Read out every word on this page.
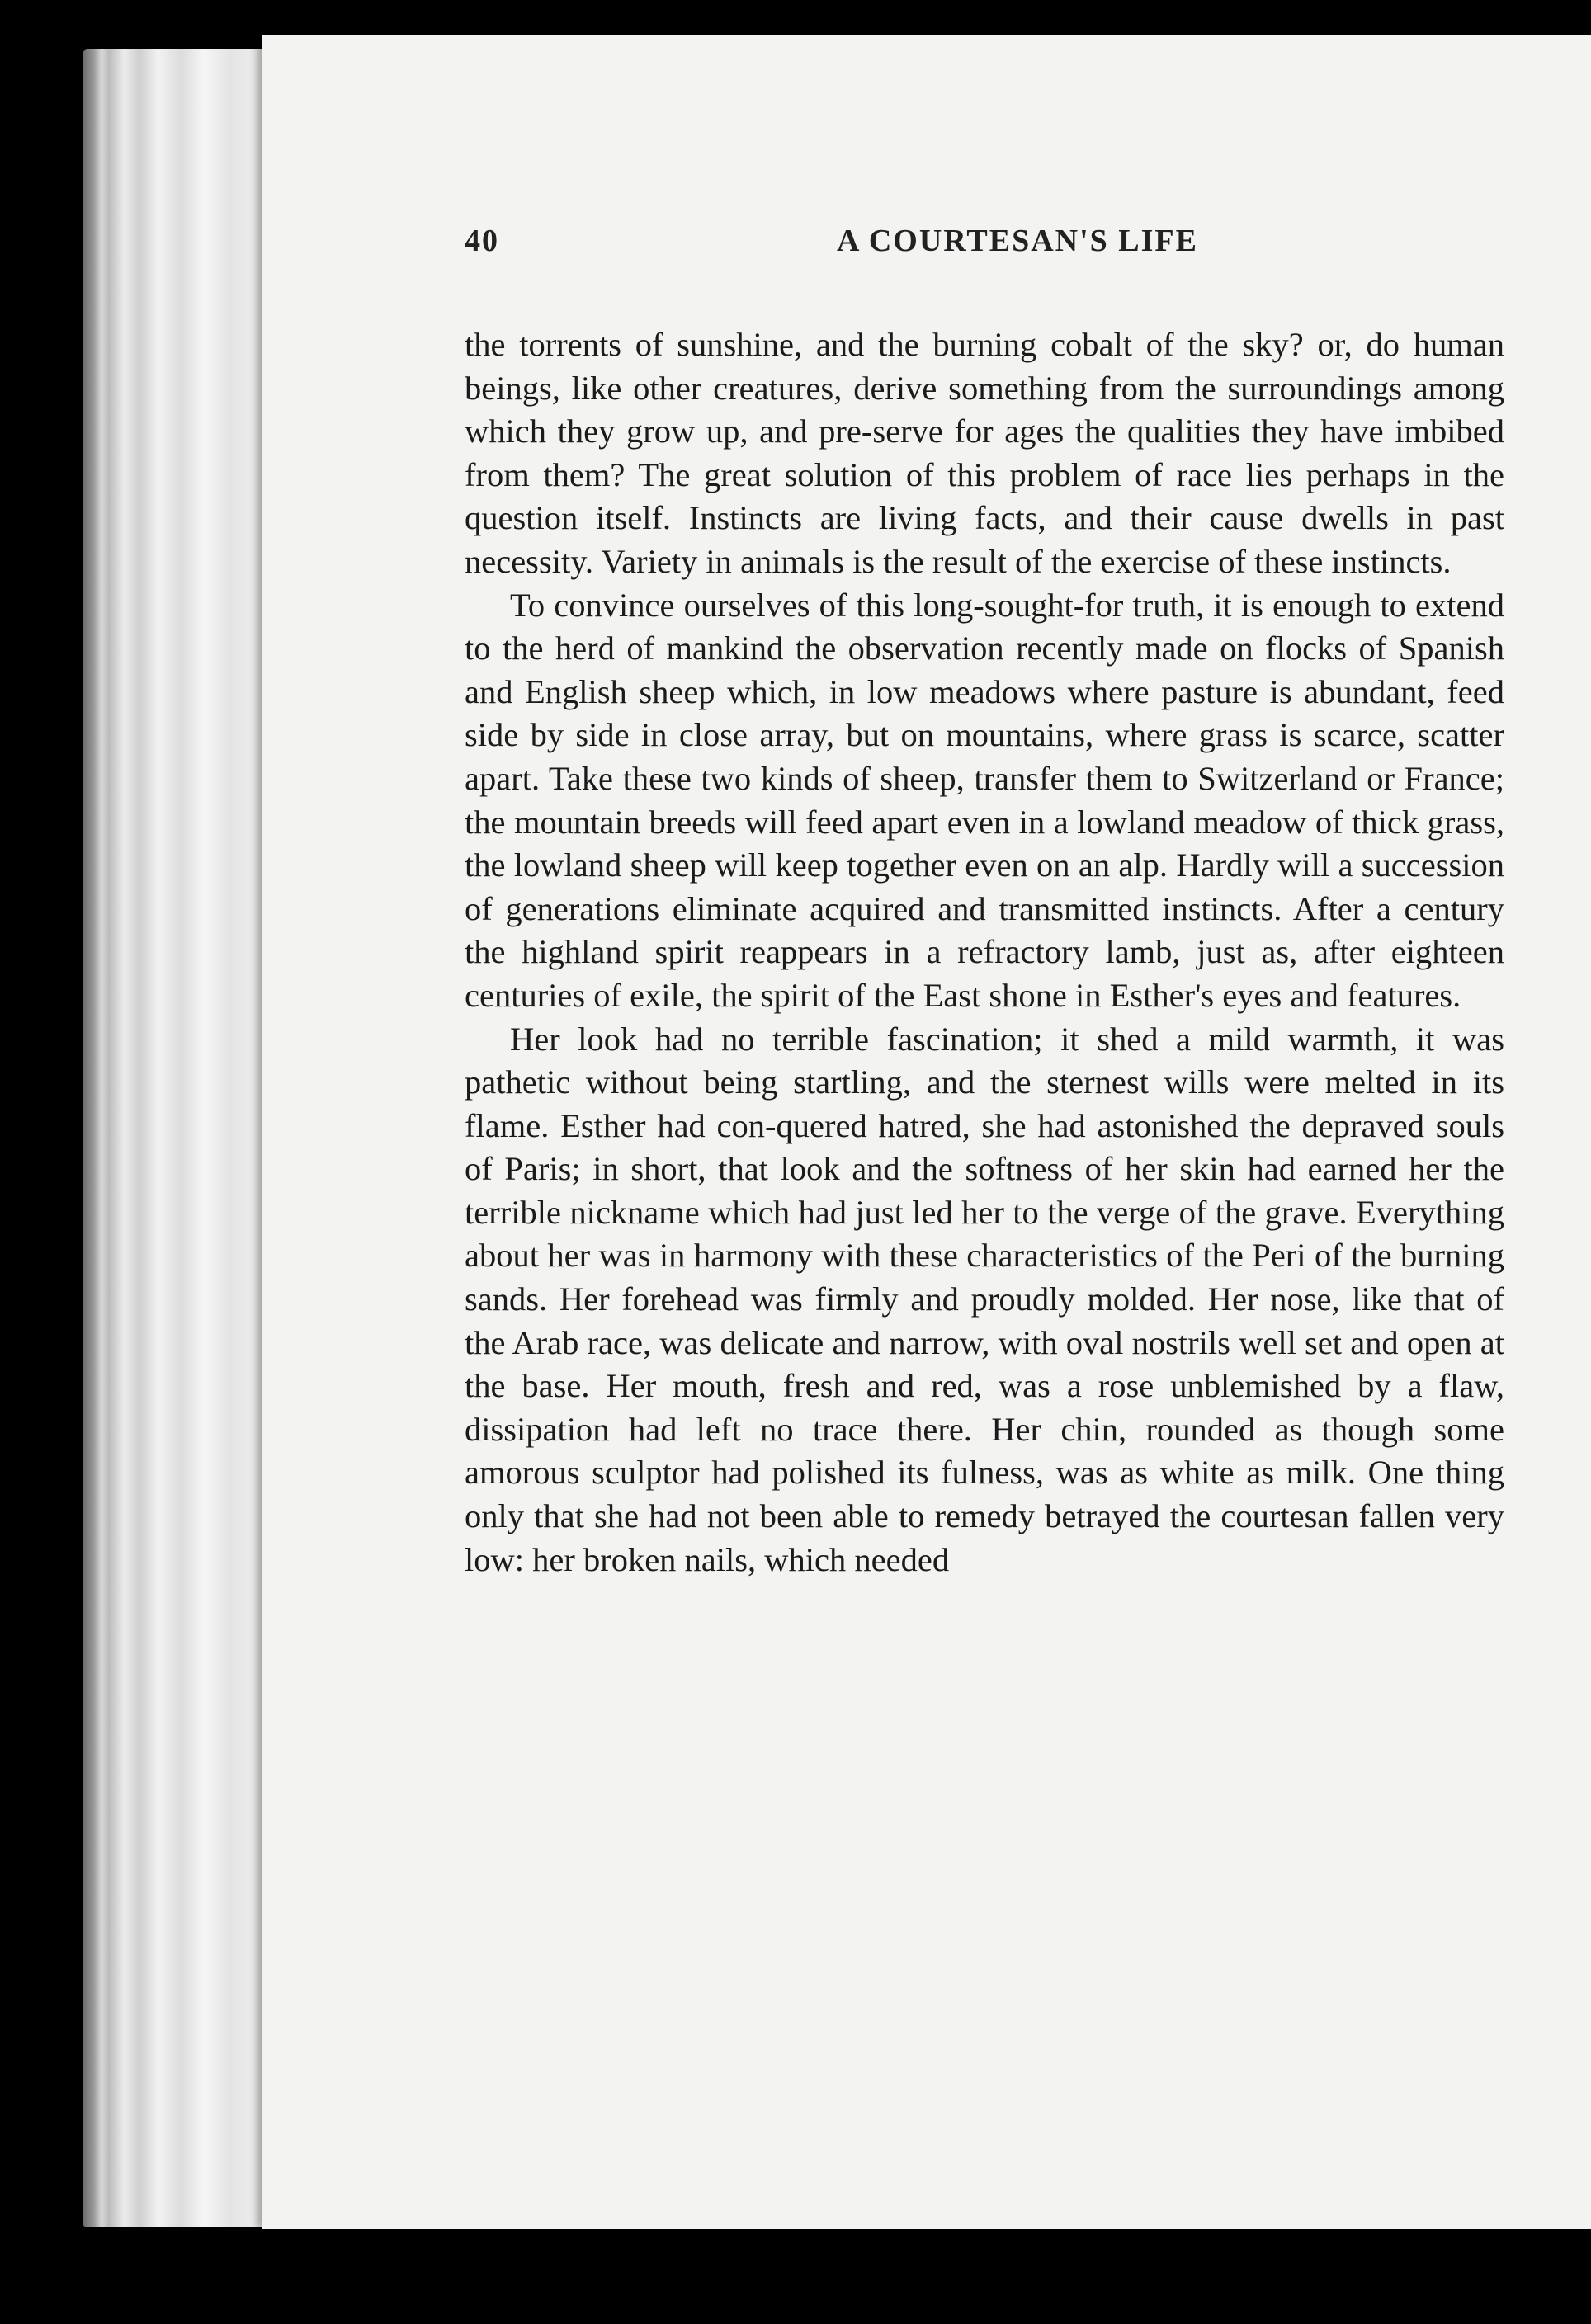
40	A COURTESAN'S LIFE

the torrents of sunshine, and the burning cobalt of the sky? or, do human beings, like other creatures, derive something from the surroundings among which they grow up, and pre-serve for ages the qualities they have imbibed from them? The great solution of this problem of race lies perhaps in the question itself. Instincts are living facts, and their cause dwells in past necessity. Variety in animals is the result of the exercise of these instincts.

To convince ourselves of this long-sought-for truth, it is enough to extend to the herd of mankind the observation recently made on flocks of Spanish and English sheep which, in low meadows where pasture is abundant, feed side by side in close array, but on mountains, where grass is scarce, scatter apart. Take these two kinds of sheep, transfer them to Switzerland or France; the mountain breeds will feed apart even in a lowland meadow of thick grass, the lowland sheep will keep together even on an alp. Hardly will a succession of generations eliminate acquired and transmitted instincts. After a century the highland spirit reappears in a refractory lamb, just as, after eighteen centuries of exile, the spirit of the East shone in Esther's eyes and features.

Her look had no terrible fascination; it shed a mild warmth, it was pathetic without being startling, and the sternest wills were melted in its flame. Esther had con-quered hatred, she had astonished the depraved souls of Paris; in short, that look and the softness of her skin had earned her the terrible nickname which had just led her to the verge of the grave. Everything about her was in harmony with these characteristics of the Peri of the burning sands. Her forehead was firmly and proudly molded. Her nose, like that of the Arab race, was delicate and narrow, with oval nostrils well set and open at the base. Her mouth, fresh and red, was a rose unblemished by a flaw, dissipation had left no trace there. Her chin, rounded as though some amorous sculptor had polished its fulness, was as white as milk. One thing only that she had not been able to remedy betrayed the courtesan fallen very low: her broken nails, which needed
